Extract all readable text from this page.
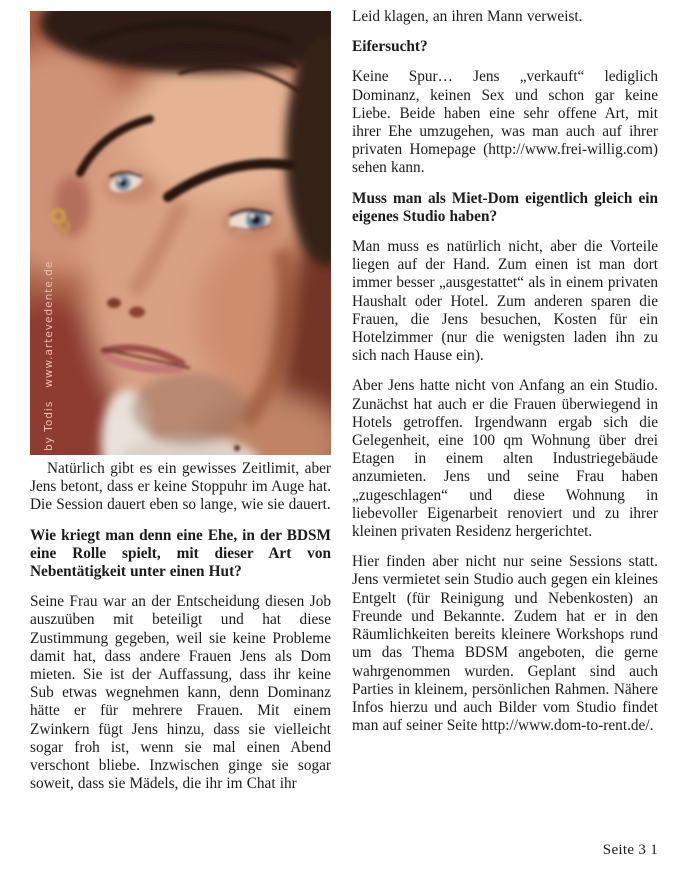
by Todis   www.artevedente.de

Natürlich gibt es ein gewisses Zeitlimit, aber Jens betont, dass er keine Stoppuhr im Auge hat. Die Session dauert eben so lange, wie sie dauert.

Wie kriegt man denn eine Ehe, in der BDSM eine Rolle spielt, mit dieser Art von Nebentätigkeit unter einen Hut?

Seine Frau war an der Entscheidung diesen Job auszuüben mit beteiligt und hat diese Zustimmung gegeben, weil sie keine Probleme damit hat, dass andere Frauen Jens als Dom mieten. Sie ist der Auffassung, dass ihr keine Sub etwas wegnehmen kann, denn Dominanz hätte er für mehrere Frauen. Mit einem Zwinkern fügt Jens hinzu, dass sie vielleicht sogar froh ist, wenn sie mal einen Abend verschont bliebe. Inzwischen ginge sie sogar soweit, dass sie Mädels, die ihr im Chat ihr

Leid klagen, an ihren Mann verweist.

Eifersucht?

Keine Spur… Jens „verkauft“ lediglich Dominanz, keinen Sex und schon gar keine Liebe. Beide haben eine sehr offene Art, mit ihrer Ehe umzugehen, was man auch auf ihrer privaten Homepage (http://www.frei-willig.com) sehen kann.

Muss man als Miet-Dom eigentlich gleich ein eigenes Studio haben?

Man muss es natürlich nicht, aber die Vorteile liegen auf der Hand. Zum einen ist man dort immer besser „ausgestattet“ als in einem privaten Haushalt oder Hotel. Zum anderen sparen die Frauen, die Jens besuchen, Kosten für ein Hotelzimmer (nur die wenigsten laden ihn zu sich nach Hause ein).

Aber Jens hatte nicht von Anfang an ein Studio. Zunächst hat auch er die Frauen überwiegend in Hotels getroffen. Irgendwann ergab sich die Gelegenheit, eine 100 qm Wohnung über drei Etagen in einem alten Industriegebäude anzumieten. Jens und seine Frau haben „zugeschlagen“ und diese Wohnung in liebevoller Eigenarbeit renoviert und zu ihrer kleinen privaten Residenz hergerichtet.

Hier finden aber nicht nur seine Sessions statt. Jens vermietet sein Studio auch gegen ein kleines Entgelt (für Reinigung und Nebenkosten) an Freunde und Bekannte. Zudem hat er in den Räumlichkeiten bereits kleinere Workshops rund um das Thema BDSM angeboten, die gerne wahrgenommen wurden. Geplant sind auch Parties in kleinem, persönlichen Rahmen. Nähere Infos hierzu und auch Bilder vom Studio findet man auf seiner Seite http://www.dom-to-rent.de/.

Seite 3 1
